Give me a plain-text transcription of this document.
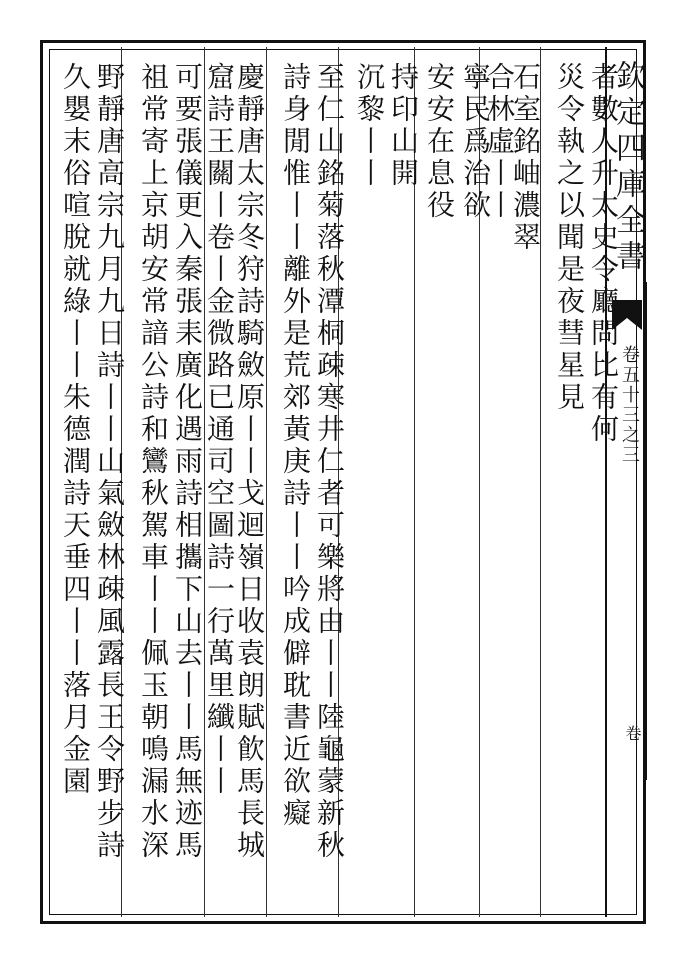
欽定四庫全書
卷五十三之三
卷
者數人升太史令廳問比有何
災令執之以聞是夜彗星見
石室銘岫濃翠
合林虛丨丨
寧民爲治欲
安安在息役
持印山開
沉黎丨丨
至仁山銘菊落秋潭桐疎寒井仁者可樂將由丨丨陸龜蒙新秋
詩身閒惟丨丨離外是荒郊黃庚詩丨丨吟成僻耽書近欲癡
慶靜唐太宗冬狩詩騎斂原丨丨戈迴嶺日收袁朗賦飮馬長城
窟詩王關丨卷丨金微路已通司空圖詩一行萬里纖丨丨
可要張儀更入秦張耒廣化遇雨詩相攜下山去丨丨馬無迹馬
祖常寄上京胡安常諳公詩和鸞秋駕車丨丨佩玉朝鳴漏水深
野靜唐高宗九月九日詩丨丨山氣斂林疎風露長王令野步詩
久嬰末俗喧脫就綠丨丨朱德潤詩天垂四丨丨落月金園
